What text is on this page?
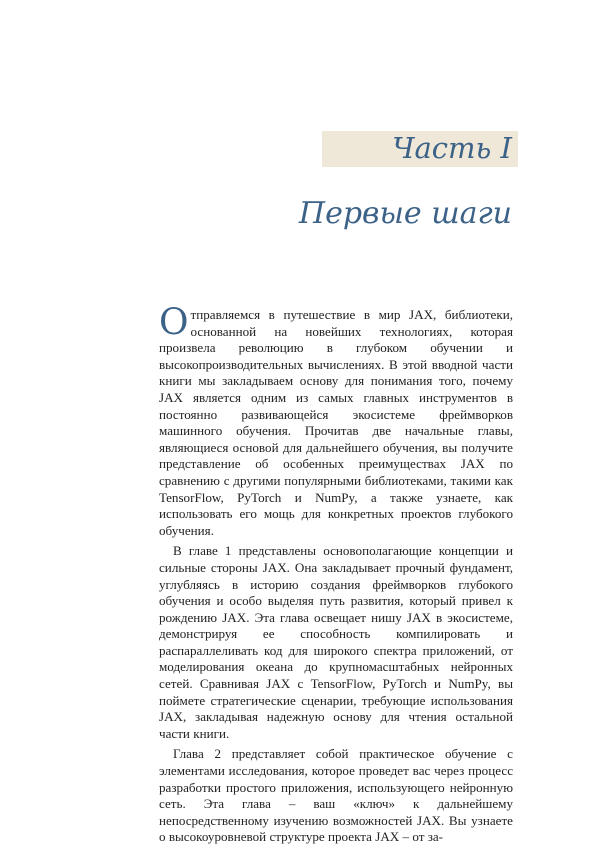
Часть I
Первые шаги

Отправляемся в путешествие в мир JAX, библиотеки, основанной на новейших технологиях, которая произвела революцию в глубоком обучении и высокопроизводительных вычислениях. В этой вводной части книги мы закладываем основу для понимания того, почему JAX является одним из самых главных инструментов в постоянно развивающейся экосистеме фреймворков машинного обучения. Прочитав две начальные главы, являющиеся основой для дальнейшего обучения, вы получите представление об особенных преимуществах JAX по сравнению с другими популярными библиотеками, такими как TensorFlow, PyTorch и NumPy, а также узнаете, как использовать его мощь для конкретных проектов глубокого обучения.

В главе 1 представлены основополагающие концепции и сильные стороны JAX. Она закладывает прочный фундамент, углубляясь в историю создания фреймворков глубокого обучения и особо выделяя путь развития, который привел к рождению JAX. Эта глава освещает нишу JAX в экосистеме, демонстрируя ее способность компилировать и распараллеливать код для широкого спектра приложений, от моделирования океана до крупномасштабных нейронных сетей. Сравнивая JAX с TensorFlow, PyTorch и NumPy, вы поймете стратегические сценарии, требующие использования JAX, закладывая надежную основу для чтения остальной части книги.

Глава 2 представляет собой практическое обучение с элементами исследования, которое проведет вас через процесс разработки простого приложения, использующего нейронную сеть. Эта глава – ваш «ключ» к дальнейшему непосредственному изучению возможностей JAX. Вы узнаете о высокоуровневой структуре проекта JAX – от за-
